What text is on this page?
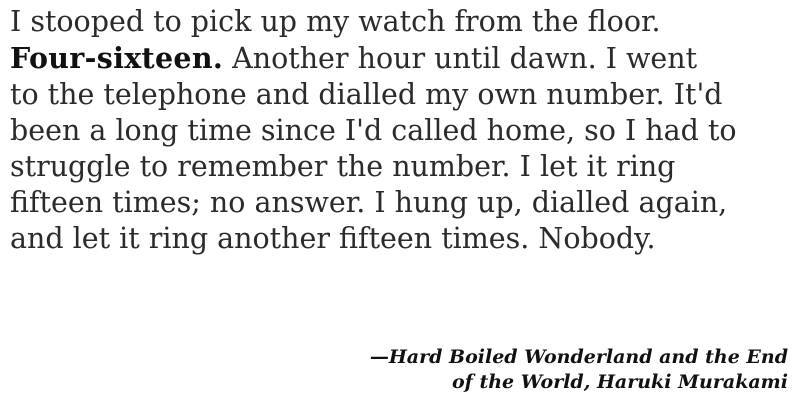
I stooped to pick up my watch from the floor.
Four-sixteen. Another hour until dawn. I went
to the telephone and dialled my own number. It'd
been a long time since I'd called home, so I had to
struggle to remember the number. I let it ring
fifteen times; no answer. I hung up, dialled again,
and let it ring another fifteen times. Nobody.
—Hard Boiled Wonderland and the End
of the World, Haruki Murakami
